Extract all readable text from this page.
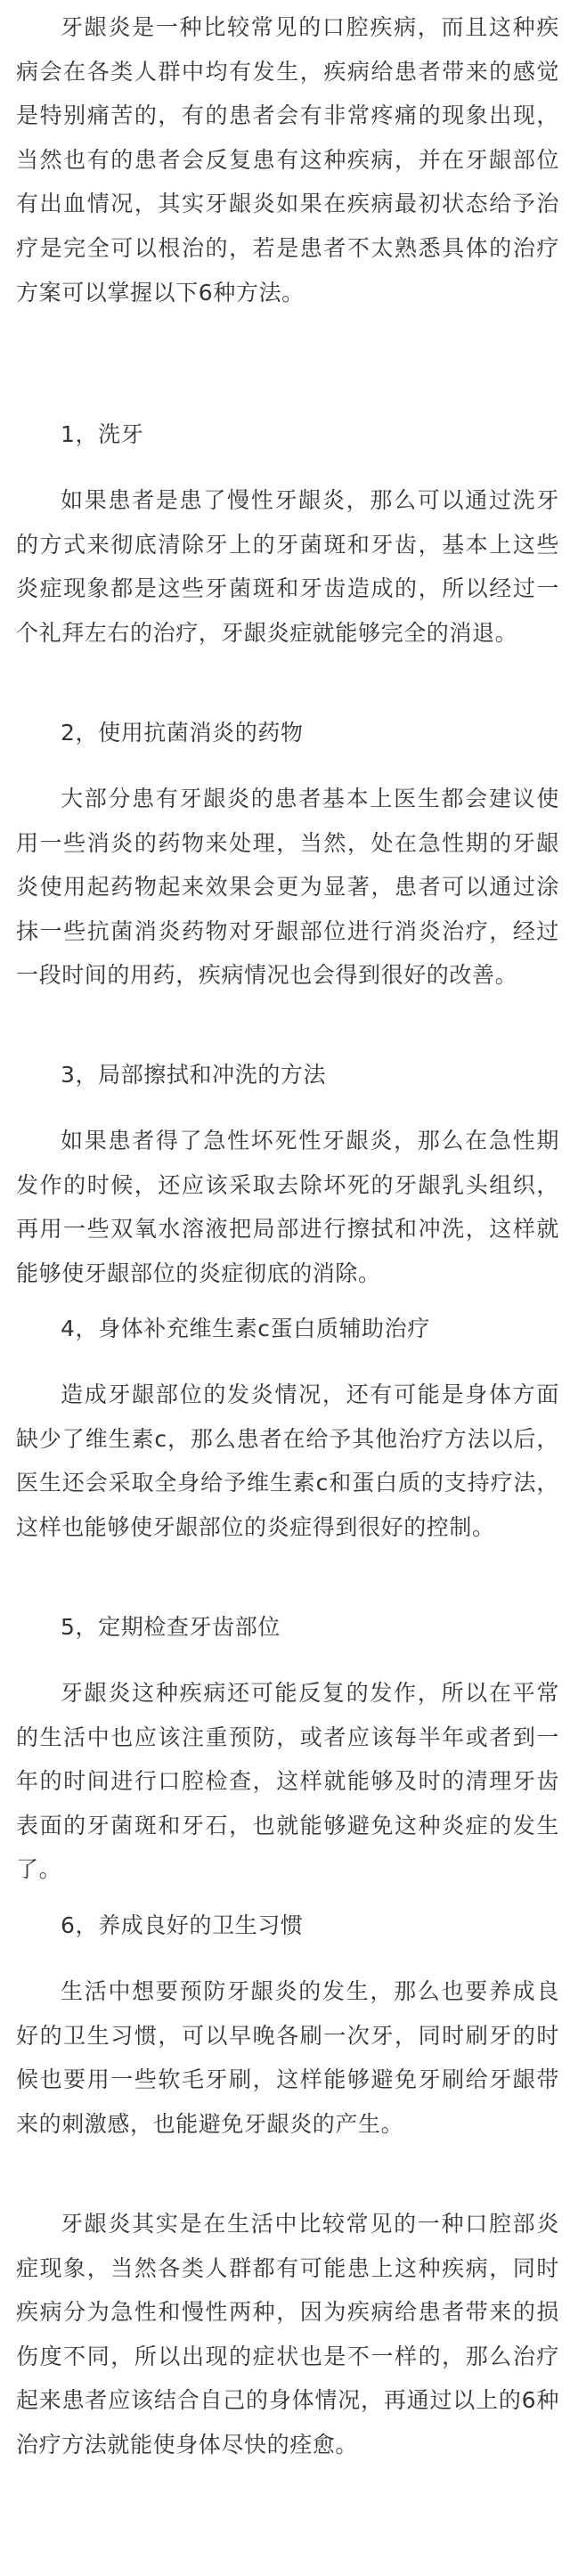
牙龈炎是一种比较常见的口腔疾病，而且这种疾病会在各类人群中均有发生，疾病给患者带来的感觉是特别痛苦的，有的患者会有非常疼痛的现象出现，当然也有的患者会反复患有这种疾病，并在牙龈部位有出血情况，其实牙龈炎如果在疾病最初状态给予治疗是完全可以根治的，若是患者不太熟悉具体的治疗方案可以掌握以下6种方法。

1，洗牙

如果患者是患了慢性牙龈炎，那么可以通过洗牙的方式来彻底清除牙上的牙菌斑和牙齿，基本上这些炎症现象都是这些牙菌斑和牙齿造成的，所以经过一个礼拜左右的治疗，牙龈炎症就能够完全的消退。

2，使用抗菌消炎的药物

大部分患有牙龈炎的患者基本上医生都会建议使用一些消炎的药物来处理，当然，处在急性期的牙龈炎使用起药物起来效果会更为显著，患者可以通过涂抹一些抗菌消炎药物对牙龈部位进行消炎治疗，经过一段时间的用药，疾病情况也会得到很好的改善。

3，局部擦拭和冲洗的方法

如果患者得了急性坏死性牙龈炎，那么在急性期发作的时候，还应该采取去除坏死的牙龈乳头组织，再用一些双氧水溶液把局部进行擦拭和冲洗，这样就能够使牙龈部位的炎症彻底的消除。

4，身体补充维生素c蛋白质辅助治疗

造成牙龈部位的发炎情况，还有可能是身体方面缺少了维生素c，那么患者在给予其他治疗方法以后，医生还会采取全身给予维生素c和蛋白质的支持疗法，这样也能够使牙龈部位的炎症得到很好的控制。

5，定期检查牙齿部位

牙龈炎这种疾病还可能反复的发作，所以在平常的生活中也应该注重预防，或者应该每半年或者到一年的时间进行口腔检查，这样就能够及时的清理牙齿表面的牙菌斑和牙石，也就能够避免这种炎症的发生了。

6，养成良好的卫生习惯

生活中想要预防牙龈炎的发生，那么也要养成良好的卫生习惯，可以早晚各刷一次牙，同时刷牙的时候也要用一些软毛牙刷，这样能够避免牙刷给牙龈带来的刺激感，也能避免牙龈炎的产生。

牙龈炎其实是在生活中比较常见的一种口腔部炎症现象，当然各类人群都有可能患上这种疾病，同时疾病分为急性和慢性两种，因为疾病给患者带来的损伤度不同，所以出现的症状也是不一样的，那么治疗起来患者应该结合自己的身体情况，再通过以上的6种治疗方法就能使身体尽快的痊愈。
